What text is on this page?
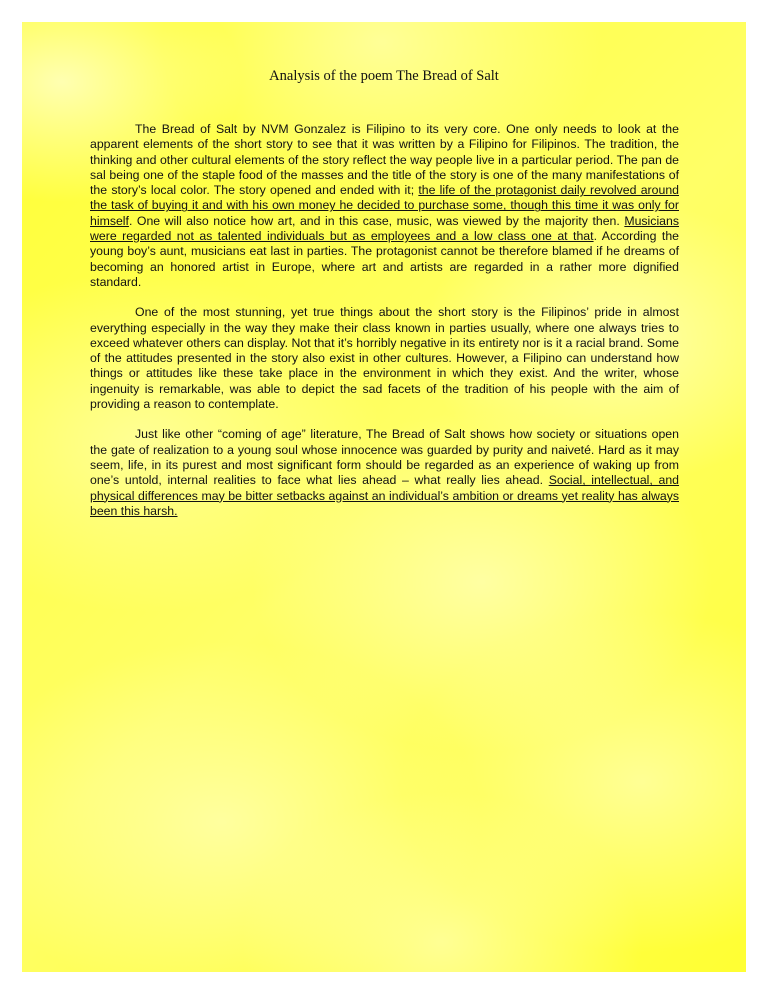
Analysis of the poem The Bread of Salt

The Bread of Salt by NVM Gonzalez is Filipino to its very core. One only needs to look at the apparent elements of the short story to see that it was written by a Filipino for Filipinos. The tradition, the thinking and other cultural elements of the story reflect the way people live in a particular period. The pan de sal being one of the staple food of the masses and the title of the story is one of the many manifestations of the story’s local color. The story opened and ended with it; the life of the protagonist daily revolved around the task of buying it and with his own money he decided to purchase some, though this time it was only for himself. One will also notice how art, and in this case, music, was viewed by the majority then. Musicians were regarded not as talented individuals but as employees and a low class one at that. According the young boy’s aunt, musicians eat last in parties. The protagonist cannot be therefore blamed if he dreams of becoming an honored artist in Europe, where art and artists are regarded in a rather more dignified standard.

One of the most stunning, yet true things about the short story is the Filipinos’ pride in almost everything especially in the way they make their class known in parties usually, where one always tries to exceed whatever others can display. Not that it’s horribly negative in its entirety nor is it a racial brand. Some of the attitudes presented in the story also exist in other cultures. However, a Filipino can understand how things or attitudes like these take place in the environment in which they exist. And the writer, whose ingenuity is remarkable, was able to depict the sad facets of the tradition of his people with the aim of providing a reason to contemplate.

Just like other “coming of age” literature, The Bread of Salt shows how society or situations open the gate of realization to a young soul whose innocence was guarded by purity and naiveté. Hard as it may seem, life, in its purest and most significant form should be regarded as an experience of waking up from one’s untold, internal realities to face what lies ahead – what really lies ahead. Social, intellectual, and physical differences may be bitter setbacks against an individual’s ambition or dreams yet reality has always been this harsh.
